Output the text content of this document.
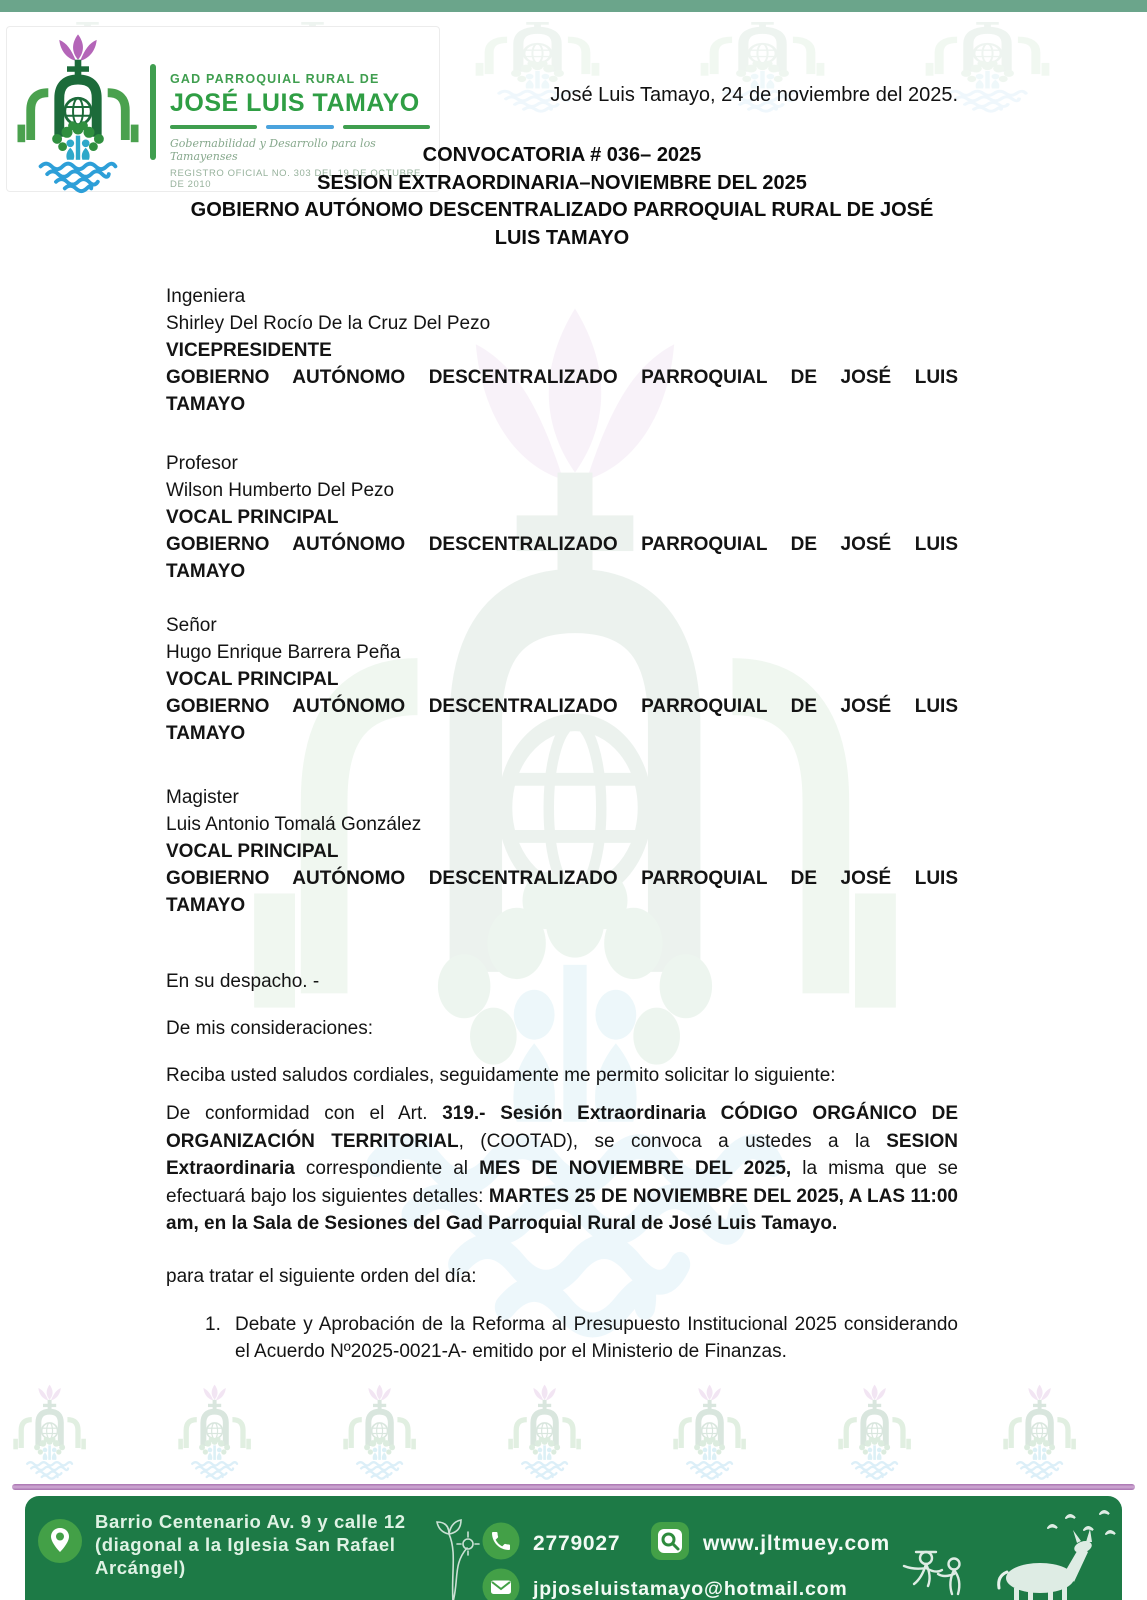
GAD PARROQUIAL RURAL DE
JOSÉ LUIS TAMAYO
Gobernabilidad y Desarrollo para los Tamayenses
REGISTRO OFICIAL NO. 303 DEL 19 DE OCTUBRE DE 2010
José Luis Tamayo, 24 de noviembre del 2025.
CONVOCATORIA # 036– 2025
SESION EXTRAORDINARIA–NOVIEMBRE DEL 2025
GOBIERNO AUTÓNOMO DESCENTRALIZADO PARROQUIAL RURAL DE JOSÉ LUIS TAMAYO
Ingeniera
Shirley Del Rocío De la Cruz Del Pezo
VICEPRESIDENTE
GOBIERNO AUTÓNOMO DESCENTRALIZADO PARROQUIAL DE JOSÉ LUIS
TAMAYO
Profesor
Wilson Humberto Del Pezo
VOCAL PRINCIPAL
GOBIERNO AUTÓNOMO DESCENTRALIZADO PARROQUIAL DE JOSÉ LUIS
TAMAYO
Señor
Hugo Enrique Barrera Peña
VOCAL PRINCIPAL
GOBIERNO AUTÓNOMO DESCENTRALIZADO PARROQUIAL DE JOSÉ LUIS
TAMAYO
Magister
Luis Antonio Tomalá González
VOCAL PRINCIPAL
GOBIERNO AUTÓNOMO DESCENTRALIZADO PARROQUIAL DE JOSÉ LUIS
TAMAYO
En su despacho. -
De mis consideraciones:
Reciba usted saludos cordiales, seguidamente me permito solicitar lo siguiente:
De conformidad con el Art. 319.- Sesión Extraordinaria CÓDIGO ORGÁNICO DE ORGANIZACIÓN TERRITORIAL, (COOTAD), se convoca a ustedes a la SESION Extraordinaria correspondiente al MES DE NOVIEMBRE DEL 2025, la misma que se efectuará bajo los siguientes detalles: MARTES 25 DE NOVIEMBRE DEL 2025, A LAS 11:00 am, en la Sala de Sesiones del Gad Parroquial Rural de José Luis Tamayo.
para tratar el siguiente orden del día:
1. Debate y Aprobación de la Reforma al Presupuesto Institucional 2025 considerando el Acuerdo Nº2025-0021-A- emitido por el Ministerio de Finanzas.
Barrio Centenario Av. 9 y calle 12
(diagonal a la Iglesia San Rafael
Arcángel)
2779027	www.jltmuey.com
jpjoseluistamayo@hotmail.com
